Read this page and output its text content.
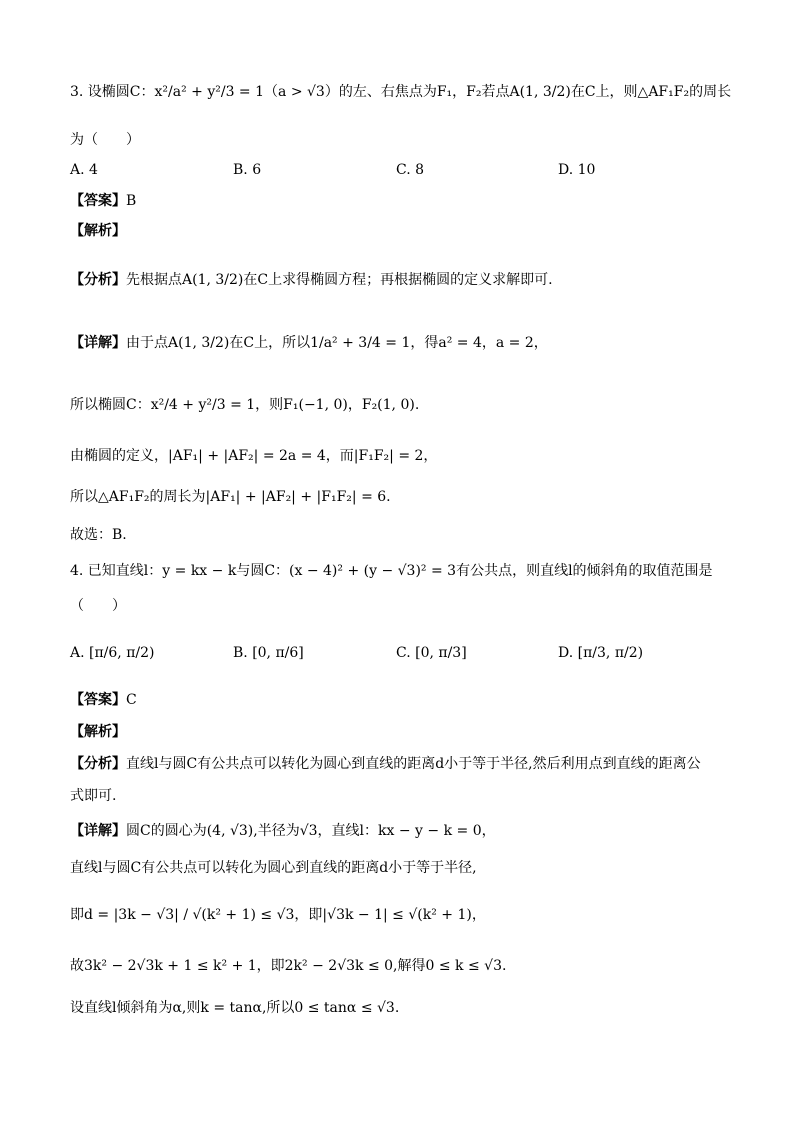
3. 设椭圆C：x²/a² + y²/3 = 1（a > √3）的左、右焦点为F₁，F₂若点A(1, 3/2)在C上，则△AF₁F₂的周长
为（　　）
A. 4	B. 6	C. 8	D. 10
【答案】B
【解析】
【分析】先根据点A(1, 3/2)在C上求得椭圆方程；再根据椭圆的定义求解即可.
【详解】由于点A(1, 3/2)在C上，所以1/a² + 3/4 = 1，得a² = 4，a = 2，
所以椭圆C：x²/4 + y²/3 = 1，则F₁(−1, 0)，F₂(1, 0).
由椭圆的定义，|AF₁| + |AF₂| = 2a = 4，而|F₁F₂| = 2，
所以△AF₁F₂的周长为|AF₁| + |AF₂| + |F₁F₂| = 6.
故选：B.
4. 已知直线l：y = kx − k与圆C：(x − 4)² + (y − √3)² = 3有公共点，则直线l的倾斜角的取值范围是
（　　）
A. [π/6, π/2)	B. [0, π/6]	C. [0, π/3]	D. [π/3, π/2)
【答案】C
【解析】
【分析】直线l与圆C有公共点可以转化为圆心到直线的距离d小于等于半径,然后利用点到直线的距离公
式即可.
【详解】圆C的圆心为(4, √3),半径为√3，直线l：kx − y − k = 0，
直线l与圆C有公共点可以转化为圆心到直线的距离d小于等于半径,
即d = |3k − √3| / √(k² + 1) ≤ √3，即|√3k − 1| ≤ √(k² + 1)，
故3k² − 2√3k + 1 ≤ k² + 1，即2k² − 2√3k ≤ 0,解得0 ≤ k ≤ √3.
设直线l倾斜角为α,则k = tanα,所以0 ≤ tanα ≤ √3.
